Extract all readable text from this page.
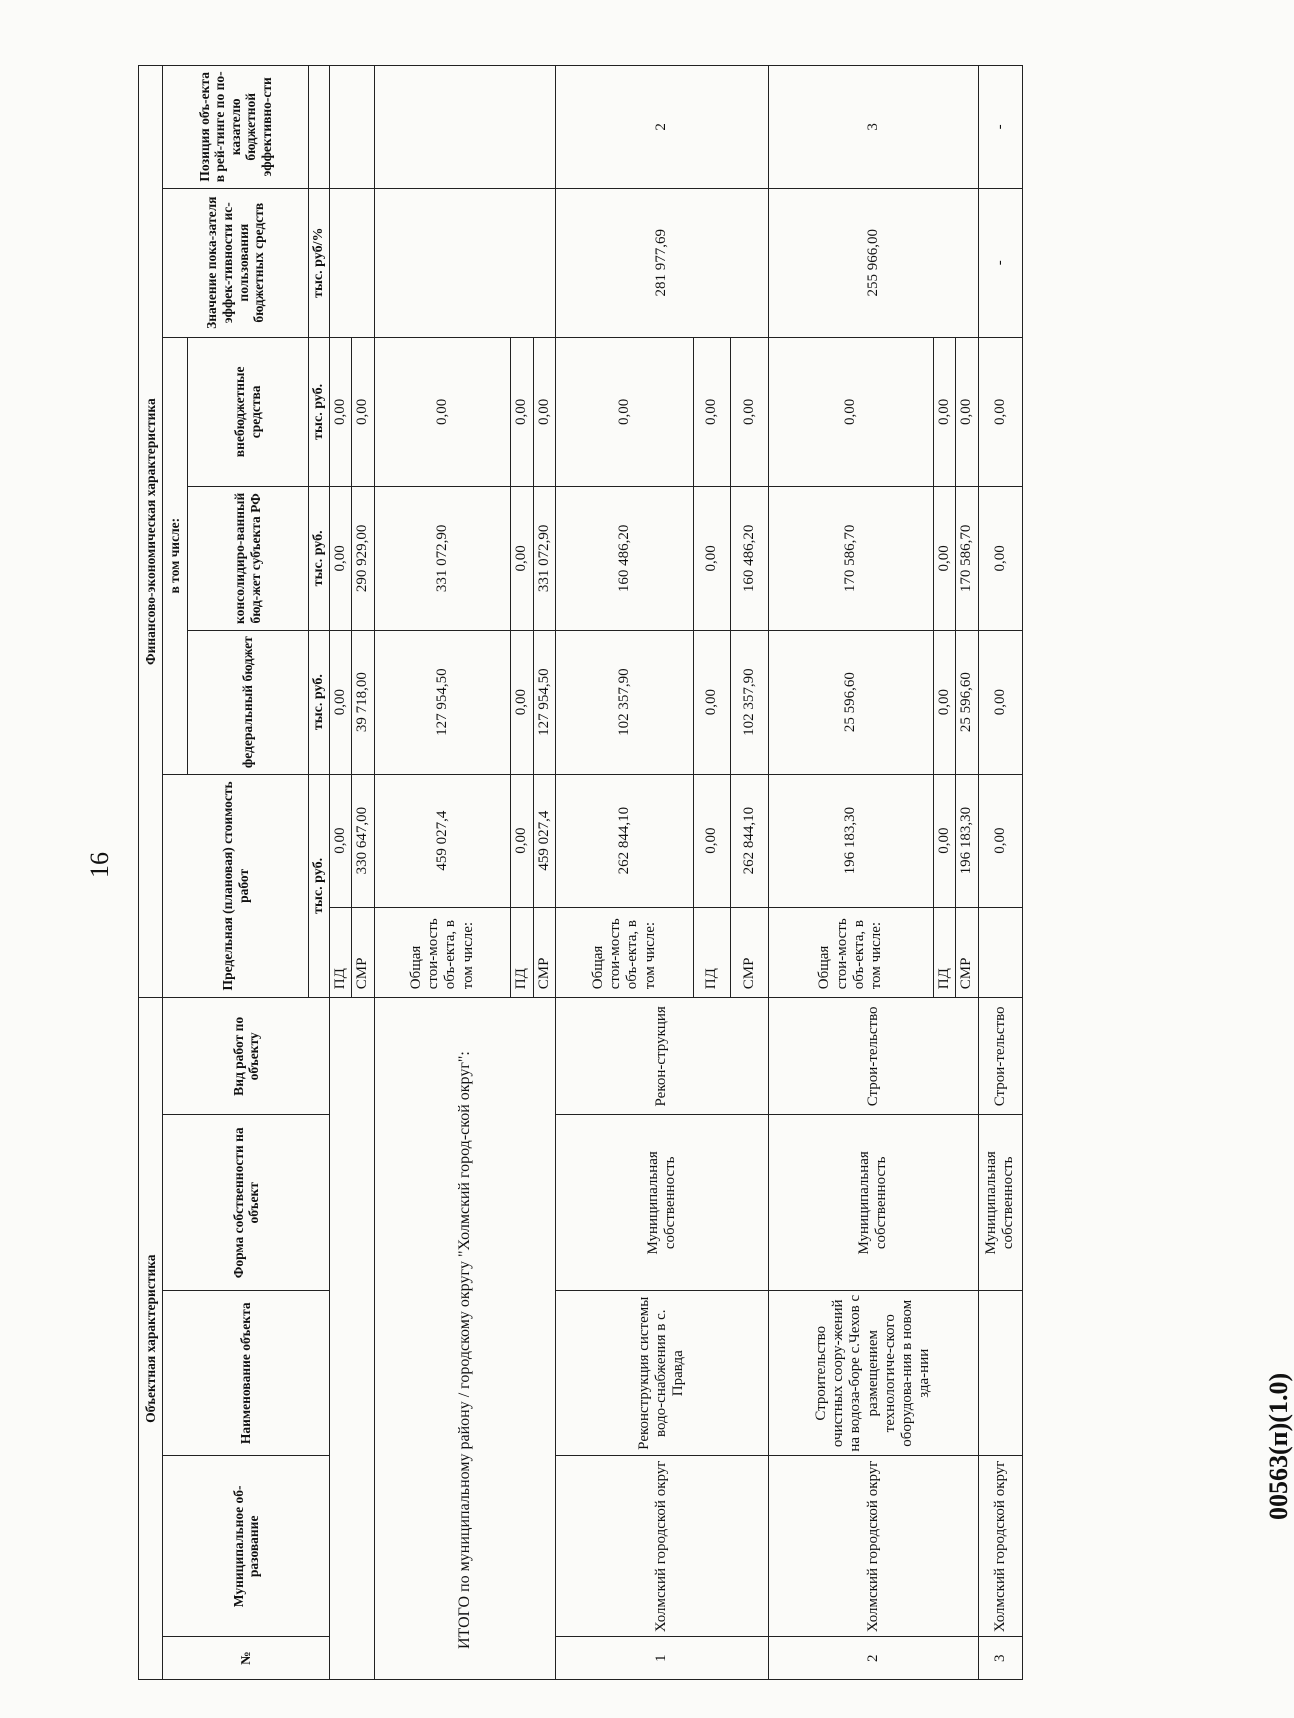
16
Объектная характеристика					Финансово-экономическая характеристика						
№	Муниципальное об-разование	Наименование объекта	Форма собственности на объект	Вид работ по объекту	Предельная (плановая) стоимость работ		в том числе:			Значение пока-зателя эффек-тивности ис-пользования бюджетных средств	Позиция объ-екта в рей-тинге по по-казателю бюджетной эффективно-сти
							федеральный бюджет	консолидиро-ванный бюд-жет субъекта РФ	внебюджетные средства		
					тыс. руб.		тыс. руб.	тыс. руб.	тыс. руб.	тыс. руб/%	
					ПД	0,00	0,00	0,00	0,00		
					СМР	330 647,00	39 718,00	290 929,00	0,00		
ИТОГО по муниципальному району / городскому округу "Холмский город-ской округ":					Общая стои-мость объ-екта, в том числе:	459 027,4	127 954,50	331 072,90	0,00		
					ПД	0,00	0,00	0,00	0,00		
					СМР	459 027,4	127 954,50	331 072,90	0,00		
1	Холмский городской округ	Реконструкция системы водо-снабжения в с. Правда	Муниципальная собственность	Рекон-струкция	Общая стои-мость объ-екта, в том числе:	262 844,10	102 357,90	160 486,20	0,00	281 977,69	2
					ПД	0,00	0,00	0,00	0,00		
					СМР	262 844,10	102 357,90	160 486,20	0,00		
2	Холмский городской округ	Строительство очистных соору-жений на водоза-боре с.Чехов с размещением технологиче-ского оборудова-ния в новом зда-нии	Муниципальная собственность	Строи-тельство	Общая стои-мость объ-екта, в том числе:	196 183,30	25 596,60	170 586,70	0,00	255 966,00	3
					ПД	0,00	0,00	0,00	0,00		
					СМР	196 183,30	25 596,60	170 586,70	0,00		
3	Холмский городской округ		Муниципальная собственность	Строи-тельство		0,00	0,00	0,00	0,00	-	-
00563(п)(1.0)
